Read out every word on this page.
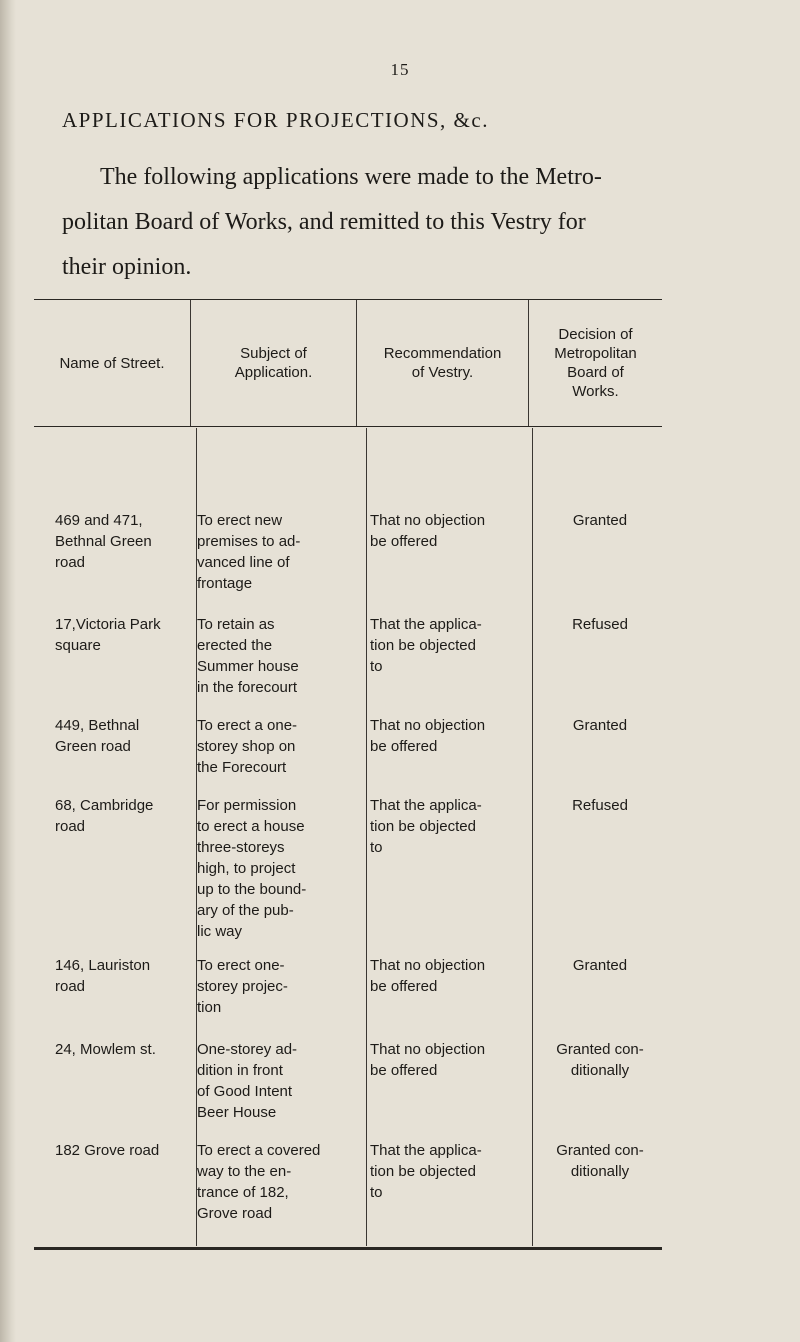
15
APPLICATIONS FOR PROJECTIONS, &c.
The following applications were made to the Metro-
politan Board of Works, and remitted to this Vestry for
their opinion.
Name of Street.
Subject of
Application.
Recommendation
of Vestry.
Decision of
Metropolitan
Board of
Works.
469 and 471,
Bethnal Green
road
To erect new
premises to ad-
vanced line of
frontage
That no objection
be offered
Granted
17,Victoria Park
square
To retain as
erected the
Summer house
in the forecourt
That the applica-
tion be objected
to
Refused
449, Bethnal
Green road
To erect a one-
storey shop on
the Forecourt
That no objection
be offered
Granted
68, Cambridge
road
For permission
to erect a house
three-storeys
high, to project
up to the bound-
ary of the pub-
lic way
That the applica-
tion be objected
to
Refused
146, Lauriston
road
To erect one-
storey projec-
tion
That no objection
be offered
Granted
24, Mowlem st.	One-storey ad-
dition in front
of Good Intent
Beer House
That no objection
be offered
Granted con-
ditionally
182 Grove road	To erect a covered
way to the en-
trance of 182,
Grove road
That the applica-
tion be objected
to
Granted con-
ditionally
